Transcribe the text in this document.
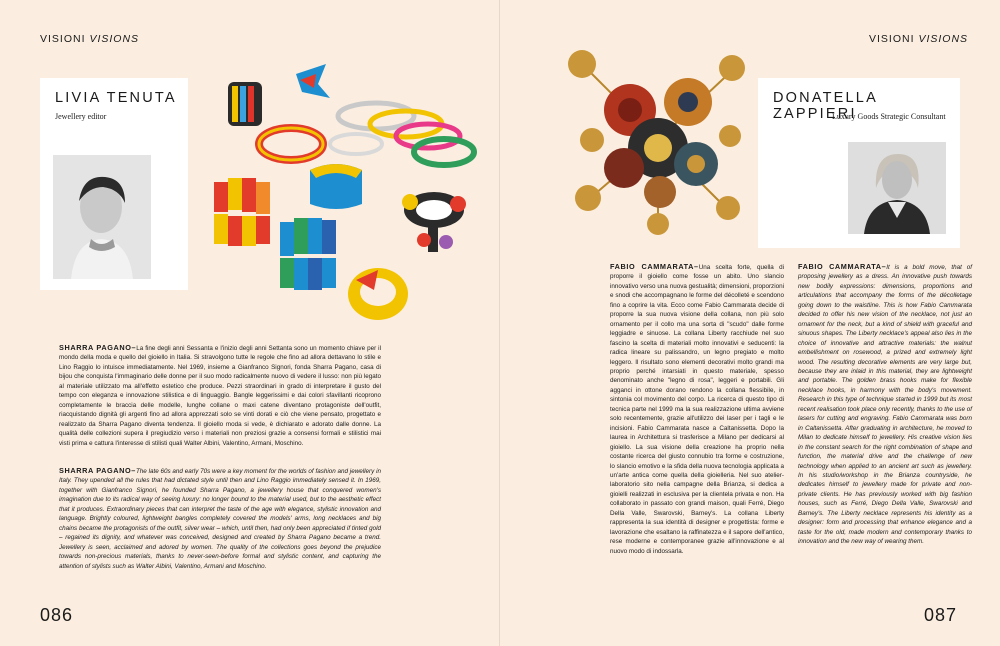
VISIONI VISIONS
LIVIA TENUTA
Jewellery editor

SHARRA PAGANO–La fine degli anni Sessanta e l'inizio degli anni Settanta sono un momento chiave per il mondo della moda e quello del gioiello in Italia. Si stravolgono tutte le regole che fino ad allora dettavano lo stile e Lino Raggio lo intuisce immediatamente. Nel 1969, insieme a Gianfranco Signori, fonda Sharra Pagano, casa di bijou che conquista l'immaginario delle donne per il suo modo radicalmente nuovo di vedere il lusso: non più legato al materiale utilizzato ma all'effetto estetico che produce. Pezzi straordinari in grado di interpretare il gusto del tempo con eleganza e innovazione stilistica e di linguaggio. Bangle leggerissimi e dai colori sfavillanti ricoprono completamente le braccia delle modelle, lunghe collane o maxi catene diventano protagoniste dell'outfit, riacquistando dignità gli argenti fino ad allora apprezzati solo se vinti dorati e ciò che viene pensato, progettato e realizzato da Sharra Pagano diventa tendenza. Il gioiello moda si vede, è dichiarato e adorato dalle donne. La qualità delle collezioni supera il pregiudizio verso i materiali non preziosi grazie a consensi formali e stilistici mai visti prima e cattura l'interesse di stilisti quali Walter Albini, Valentino, Armani, Moschino.

SHARRA PAGANO–The late 60s and early 70s were a key moment for the worlds of fashion and jewellery in Italy. They upended all the rules that had dictated style until then and Lino Raggio immediately sensed it. In 1969, together with Gianfranco Signori, he founded Sharra Pagano, a jewellery house that conquered women's imagination due to its radical way of seeing luxury: no longer bound to the material used, but to the aesthetic effect that it produces. Extraordinary pieces that can interpret the taste of the age with elegance, stylistic innovation and language. Brightly coloured, lightweight bangles completely covered the models' arms, long necklaces and big chains became the protagonists of the outfit, silver wear – which, until then, had only been appreciated if tinted gold – regained its dignity, and whatever was conceived, designed and created by Sharra Pagano became a trend. Jewellery is seen, acclaimed and adored by women. The quality of the collections goes beyond the prejudice towards non-precious materials, thanks to never-seen-before formal and stylistic content, and capturing the attention of stylists such as Walter Albini, Valentino, Armani and Moschino.

086
VISIONI VISIONS
DONATELLA ZAPPIERI
Luxury Goods Strategic Consultant

FABIO CAMMARATA–Una scelta forte, quella di proporre il gioiello come fosse un abito. Uno slancio innovativo verso una nuova gestualità; dimensioni, proporzioni e snodi che accompagnano le forme del décolleté e scendono fino a coprire la vita. Ecco come Fabio Cammarata decide di proporre la sua nuova visione della collana, non più solo ornamento per il collo ma una sorta di "scudo" dalle forme leggiadre e sinuose. La collana Liberty racchiude nel suo fascino la scelta di materiali molto innovativi e seducenti: la radica lineare su palissandro, un legno pregiato e molto leggero. Il risultato sono elementi decorativi molto grandi ma proprio perché intarsiati in questo materiale, spesso denominato anche "legno di rosa", leggeri e portabili. Gli agganci in ottone dorano rendono la collana flessibile, in sintonia col movimento del corpo. La ricerca di questo tipo di tecnica parte nel 1999 ma la sua realizzazione ultima avviene solo recentemente, grazie all'utilizzo dei laser per i tagli e le incisioni. Fabio Cammarata nasce a Caltanissetta. Dopo la laurea in Architettura si trasferisce a Milano per dedicarsi al gioiello. La sua visione della creazione ha proprio nella costante ricerca del giusto connubio tra forme e costruzione, lo slancio emotivo e la sfida della nuova tecnologia applicata a un'arte antica come quella della gioielleria. Nel suo atelier-laboratorio sito nella campagne della Brianza, si dedica a gioielli realizzati in esclusiva per la clientela privata e non. Ha collaborato in passato con grandi maison, quali Ferré, Diego Della Valle, Swarovski, Barney's. La collana Liberty rappresenta la sua identità di designer e progettista: forme e lavorazione che esaltano la raffinatezza e il sapore dell'antico, rese moderne e contemporanee grazie all'innovazione e al nuovo modo di indossarla.

FABIO CAMMARATA–It is a bold move, that of proposing jewellery as a dress. An innovative push towards new bodily expressions: dimensions, proportions and articulations that accompany the forms of the décolletage going down to the waistline. This is how Fabio Cammarata decided to offer his new vision of the necklace, not just an ornament for the neck, but a kind of shield with graceful and sinuous shapes. The Liberty necklace's appeal also lies in the choice of innovative and attractive materials: the walnut embellishment on rosewood, a prized and extremely light wood. The resulting decorative elements are very large but, because they are inlaid in this material, they are lightweight and portable. The golden brass hooks make for flexible necklace hooks, in harmony with the body's movement. Research in this type of technique started in 1999 but its most recent realisation took place only recently, thanks to the use of lasers for cutting and engraving. Fabio Cammarata was born in Caltanissetta. After graduating in architecture, he moved to Milan to dedicate himself to jewellery. His creative vision lies in the constant search for the right combination of shape and function, the material drive and the challenge of new technology when applied to an ancient art such as jewellery. In his studio/workshop in the Brianza countryside, he dedicates himself to jewellery made for private and non-private clients. He has previously worked with big fashion houses, such as Ferré, Diego Della Valle, Swarovski and Barney's. The Liberty necklace represents his identity as a designer: form and processing that enhance elegance and a taste for the old, made modern and contemporary thanks to innovation and the new way of wearing them.

087
